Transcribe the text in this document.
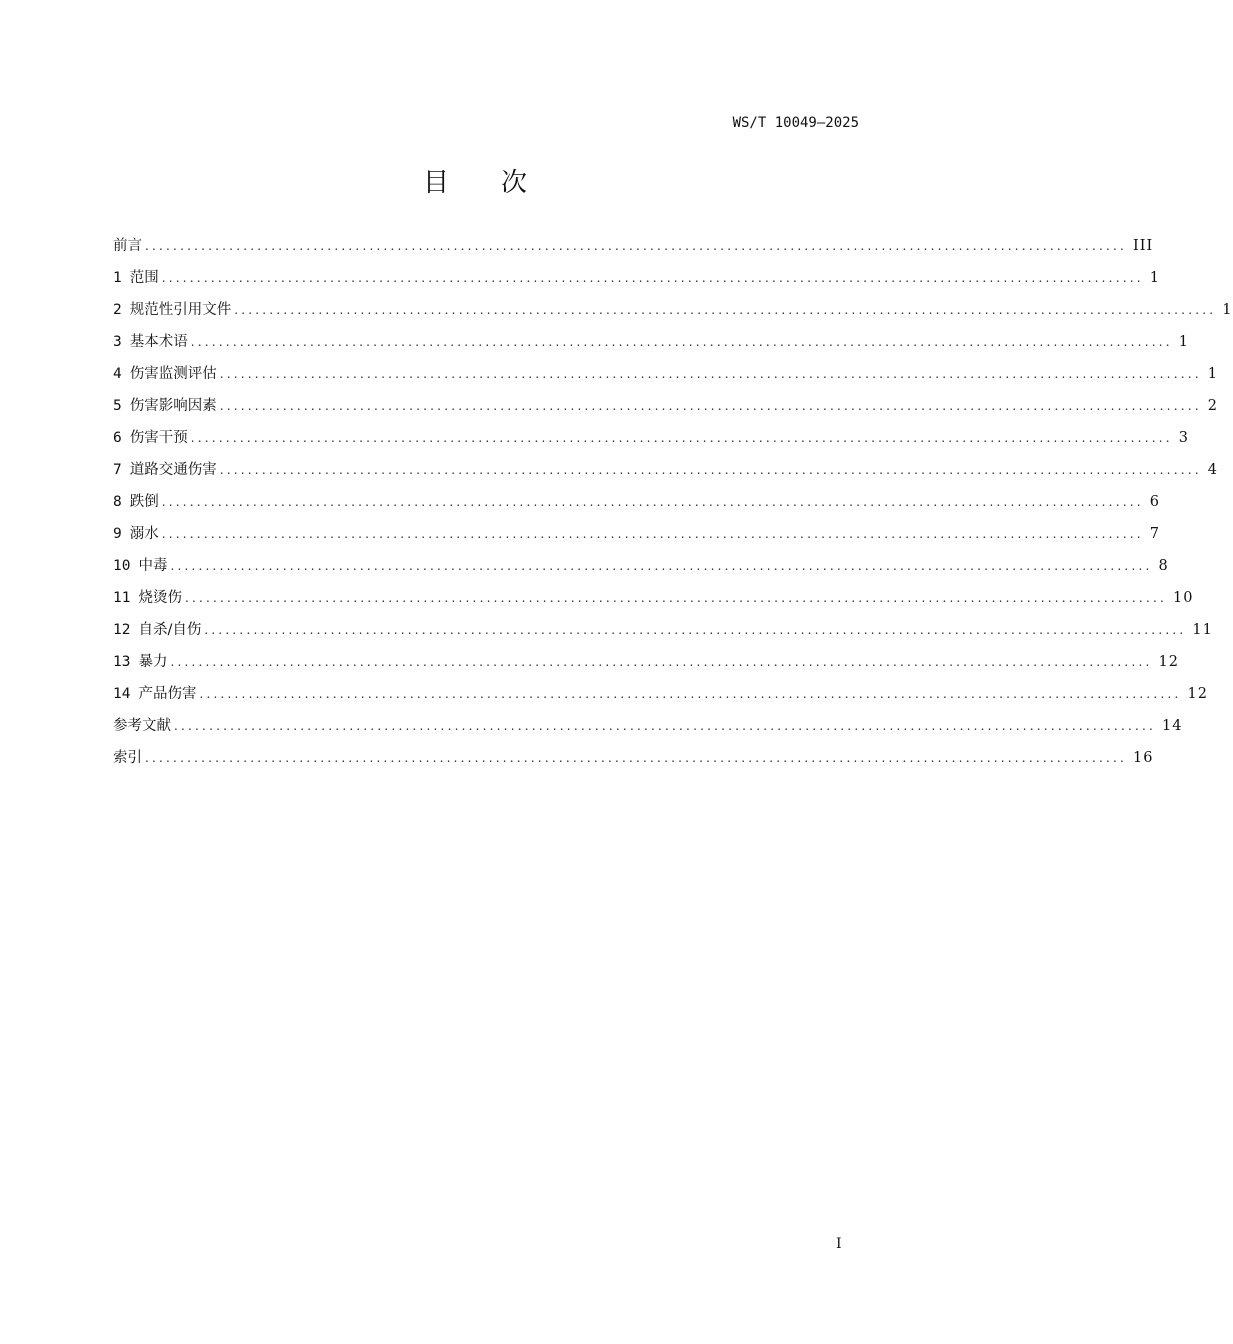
WS/T 10049—2025
目 次
前言 ............................................................................................................................................ III
1 范围 ............................................................................................................................................ 1
2 规范性引用文件 ............................................................................................................................................ 1
3 基本术语 ............................................................................................................................................ 1
4 伤害监测评估 ............................................................................................................................................ 1
5 伤害影响因素 ............................................................................................................................................ 2
6 伤害干预 ............................................................................................................................................ 3
7 道路交通伤害 ............................................................................................................................................ 4
8 跌倒 ............................................................................................................................................ 6
9 溺水 ............................................................................................................................................ 7
10 中毒 ............................................................................................................................................ 8
11 烧烫伤 ............................................................................................................................................ 10
12 自杀/自伤 ............................................................................................................................................ 11
13 暴力 ............................................................................................................................................ 12
14 产品伤害 ............................................................................................................................................ 12
参考文献 ............................................................................................................................................ 14
索引 ............................................................................................................................................ 16
I
